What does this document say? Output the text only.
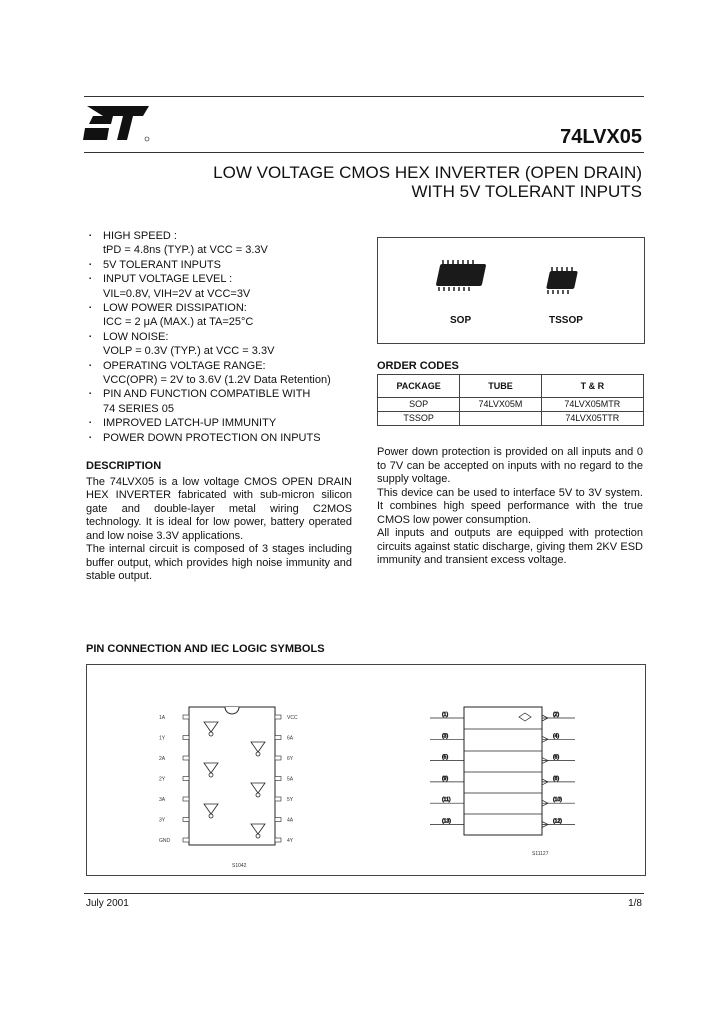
74LVX05
LOW VOLTAGE CMOS HEX INVERTER (OPEN DRAIN)
WITH 5V TOLERANT INPUTS
▪ HIGH SPEED :
tPD = 4.8ns (TYP.) at VCC = 3.3V
▪ 5V TOLERANT INPUTS
▪ INPUT VOLTAGE LEVEL :
VIL=0.8V, VIH=2V at VCC=3V
▪ LOW POWER DISSIPATION:
ICC = 2 μA (MAX.) at TA=25°C
▪ LOW NOISE:
VOLP = 0.3V (TYP.) at VCC = 3.3V
▪ OPERATING VOLTAGE RANGE:
VCC(OPR) = 2V to 3.6V (1.2V Data Retention)
▪ PIN AND FUNCTION COMPATIBLE WITH
74 SERIES 05
▪ IMPROVED LATCH-UP IMMUNITY
▪ POWER DOWN PROTECTION ON INPUTS
DESCRIPTION

The 74LVX05 is a low voltage CMOS OPEN DRAIN HEX INVERTER fabricated with sub-micron silicon gate and double-layer metal wiring C2MOS technology. It is ideal for low power, battery operated and low noise 3.3V applications.

The internal circuit is composed of 3 stages including buffer output, which provides high noise immunity and stable output.

SOP	TSSOP
ORDER CODES
PACKAGE	TUBE	T & R
SOP	74LVX05M	74LVX05MTR
TSSOP		74LVX05TTR

Power down protection is provided on all inputs and 0 to 7V can be accepted on inputs with no regard to the supply voltage.

This device can be used to interface 5V to 3V system. It combines high speed performance with the true CMOS low power consumption.

All inputs and outputs are equipped with protection circuits against static discharge, giving them 2KV ESD immunity and transient excess voltage.

PIN CONNECTION AND IEC LOGIC SYMBOLS
1A
1Y
2A
2Y
3A
3Y
GND
VCC
6A
6Y
5A
5Y
4A
4Y
S1042
(1)
(3)
(5)
(9)
(11)
(13)
(2)
(4)
(6)
(8)
(10)
(12)
S11127
July 2001	1/8
